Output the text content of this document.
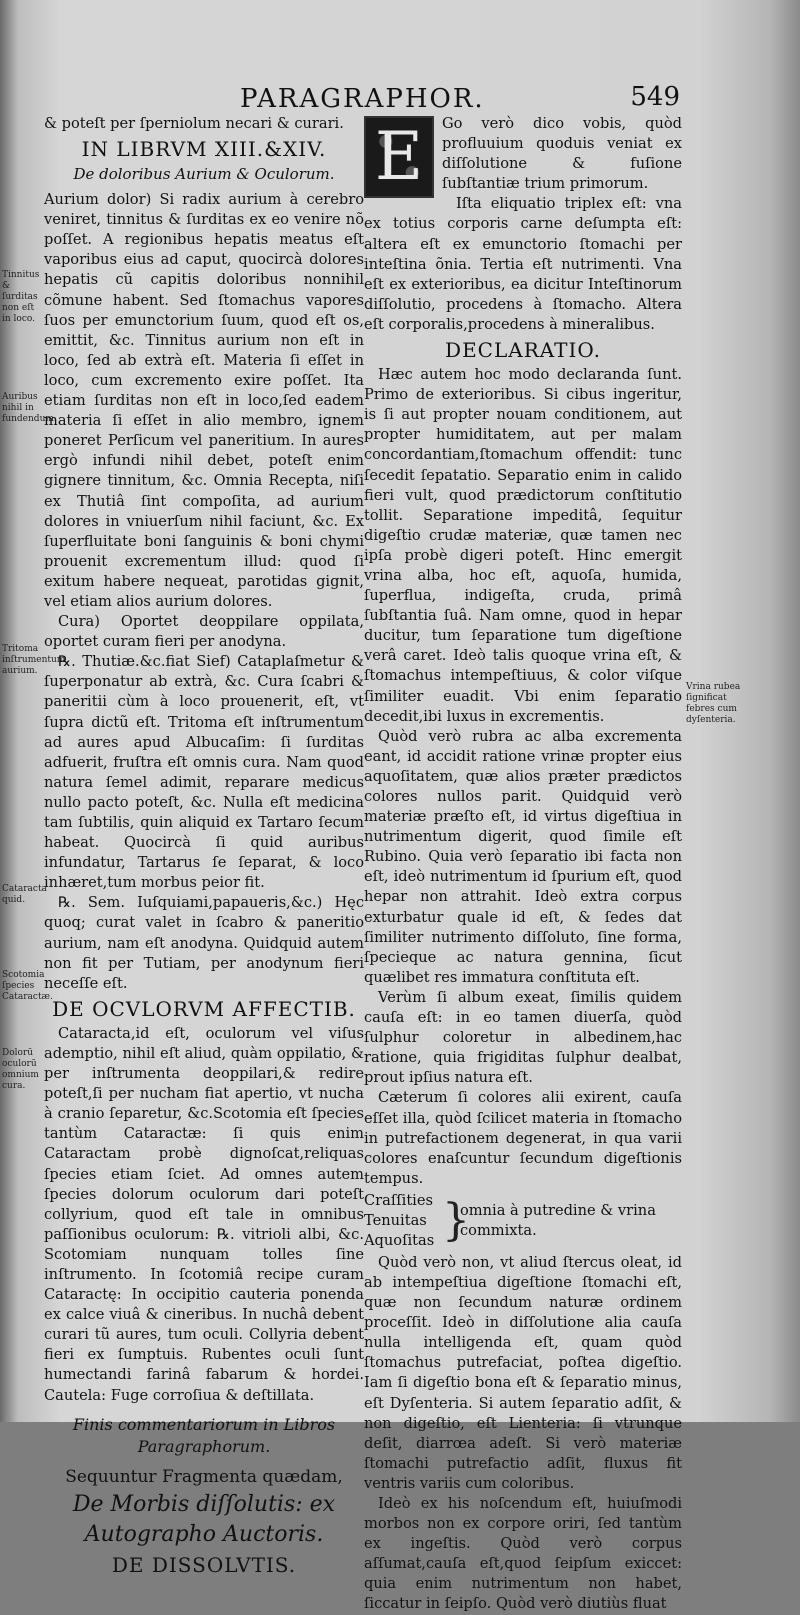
PARAGRAPHOR.	549
Tinnitus & ſurditas non eſt in loco.
Auribus nihil in fundendum.
Tritoma inſtrumentum aurium.
Cataracta quid.
Scotomia ſpecies Cataractæ.
Dolorū oculorū omnium cura.
Vrina rubea ſignificat febres cum dyſenteria.

& poteſt per ſperniolum necari & curari.

IN LIBRVM XIII.&XIV.
De doloribus Aurium & Oculorum.

Aurium dolor) Si radix aurium à cerebro veniret, tinnitus & ſurditas ex eo venire nõ poſſet. A regionibus hepatis meatus eſt vaporibus eius ad caput, quocircà dolores hepatis cũ capitis doloribus nonnihil cõmune habent. Sed ſtomachus vapores ſuos per emunctorium ſuum, quod eſt os, emittit, &c. Tinnitus aurium non eſt in loco, ſed ab extrà eſt. Materia ſi eſſet in loco, cum excremento exire poſſet. Ita etiam ſurditas non eſt in loco,ſed eadem materia ſi eſſet in alio membro, ignem poneret Perſicum vel paneritium. In aures ergò infundi nihil debet, poteſt enim gignere tinnitum, &c. Omnia Recepta, niſi ex Thutiâ ſint compoſita, ad aurium dolores in vniuerſum nihil faciunt, &c. Ex ſuperfluitate boni ſanguinis & boni chymi prouenit excrementum illud: quod ſi exitum habere nequeat, parotidas gignit, vel etiam alios aurium dolores.

Cura) Oportet deoppilare oppilata, oportet curam fieri per anodyna.

℞. Thutiæ.&c.fiat Sief) Cataplaſmetur & ſuperponatur ab extrà, &c. Cura ſcabri & paneritii cùm à loco prouenerit, eſt, vt ſupra dictũ eſt. Tritoma eſt inſtrumentum ad aures apud Albucaſim: ſi ſurditas adfuerit, fruſtra eſt omnis cura. Nam quod natura ſemel adimit, reparare medicus nullo pacto poteſt, &c. Nulla eſt medicina tam ſubtilis, quin aliquid ex Tartaro ſecum habeat. Quocircà ſi quid auribus infundatur, Tartarus ſe ſeparat, & loco inhæret,tum morbus peior fit.

℞. Sem. Iuſquiami,papaueris,&c.) Hęc quoq; curat valet in ſcabro & paneritio aurium, nam eſt anodyna. Quidquid autem non fit per Tutiam, per anodynum fieri neceſſe eſt.

DE OCVLORVM AFFECTIB.

Cataracta,id eſt, oculorum vel viſus ademptio, nihil eſt aliud, quàm oppilatio, & per inſtrumenta deoppilari,& redire poteſt,ſi per nucham fiat apertio, vt nucha à cranio ſeparetur, &c.Scotomia eſt ſpecies tantùm Cataractæ: ſi quis enim Cataractam probè dignoſcat,reliquas ſpecies etiam ſciet. Ad omnes autem ſpecies dolorum oculorum dari poteſt collyrium, quod eſt tale in omnibus paſſionibus oculorum: ℞. vitrioli albi, &c. Scotomiam nunquam tolles ſine inſtrumento. In ſcotomiâ recipe curam Cataractę: In occipitio cauteria ponenda ex calce viuâ & cineribus. In nuchâ debent curari tũ aures, tum oculi. Collyria debent fieri ex ſumptuis. Rubentes oculi ſunt humectandi farinâ fabarum & hordei. Cautela: Fuge corroſiua & deſtillata.

Finis commentariorum in Libros Paragraphorum.

Sequuntur Fragmenta quædam,

De Morbis diſſolutis: ex Autographo Auctoris.
DE DISSOLVTIS.
E	Go verò dico vobis, quòd profluuium quoduis veniat ex diſſolutione & fuſione ſubſtantiæ trium primorum.

Iſta eliquatio triplex eſt: vna ex totius corporis carne deſumpta eſt: altera eſt ex emunctorio ſtomachi per inteſtina õnia. Tertia eſt nutrimenti. Vna eſt ex exterioribus, ea dicitur Inteſtinorum diſſolutio, procedens à ſtomacho. Altera eſt corporalis,procedens à mineralibus.

DECLARATIO.

Hæc autem hoc modo declaranda ſunt. Primo de exterioribus. Si cibus ingeritur, is ſi aut propter nouam conditionem, aut propter humiditatem, aut per malam concordantiam,ſtomachum offendit: tunc ſecedit ſepatatio. Separatio enim in calido fieri vult, quod prædictorum conſtitutio tollit. Separatione impeditâ, ſequitur digeſtio crudæ materiæ, quæ tamen nec ipſa probè digeri poteſt. Hinc emergit vrina alba, hoc eſt, aquoſa, humida, ſuperflua, indigeſta, cruda, primâ ſubſtantia ſuâ. Nam omne, quod in hepar ducitur, tum ſeparatione tum digeſtione verâ caret. Ideò talis quoque vrina eſt, & ſtomachus intempeſtiuus, & color viſque ſimiliter euadit. Vbi enim ſeparatio decedit,ibi luxus in excrementis.

Quòd verò rubra ac alba excrementa eant, id accidit ratione vrinæ propter eius aquoſitatem, quæ alios præter prædictos colores nullos parit. Quidquid verò materiæ præſto eſt, id virtus digeſtiua in nutrimentum digerit, quod ſimile eſt Rubino. Quia verò ſeparatio ibi facta non eſt, ideò nutrimentum id ſpurium eſt, quod hepar non attrahit. Ideò extra corpus exturbatur quale id eſt, & ſedes dat ſimiliter nutrimento diſſoluto, ſine forma, ſpecieque ac natura gennina, ſicut quælibet res immatura conſtituta eſt.

Verùm ſi album exeat, ſimilis quidem cauſa eſt: in eo tamen diuerſa, quòd ſulphur coloretur in albedinem,hac ratione, quia frigiditas ſulphur dealbat, prout ipſius natura eſt.

Cæterum ſi colores alii exirent, cauſa eſſet illa, quòd ſcilicet materia in ſtomacho in putrefactionem degenerat, in qua varii colores enaſcuntur ſecundum digeſtionis tempus.

Craſſities
Tenuitas
Aquoſitas }
omnia à putredine & vrina commixta.

Quòd verò non, vt aliud ſtercus oleat, id ab intempeſtiua digeſtione ſtomachi eſt, quæ non ſecundum naturæ ordinem proceſſit. Ideò in diſſolutione alia cauſa nulla intelligenda eſt, quam quòd ſtomachus putrefaciat, poſtea digeſtio. Iam ſi digeſtio bona eſt & ſeparatio minus, eſt Dyſenteria. Si autem ſeparatio adſit, & non digeſtio, eſt Lienteria: ſi vtrunque deſit, diarrœa adeſt. Si verò materiæ ſtomachi putrefactio adſit, fluxus fit ventris variis cum coloribus.

Ideò ex his noſcendum eſt, huiuſmodi morbos non ex corpore oriri, ſed tantùm ex ingeſtis. Quòd verò corpus aſſumat,cauſa eſt,quod ſeipſum exiccet: quia enim nutrimentum non habet, ſiccatur in ſeipſo. Quòd verò diutiùs fluat
